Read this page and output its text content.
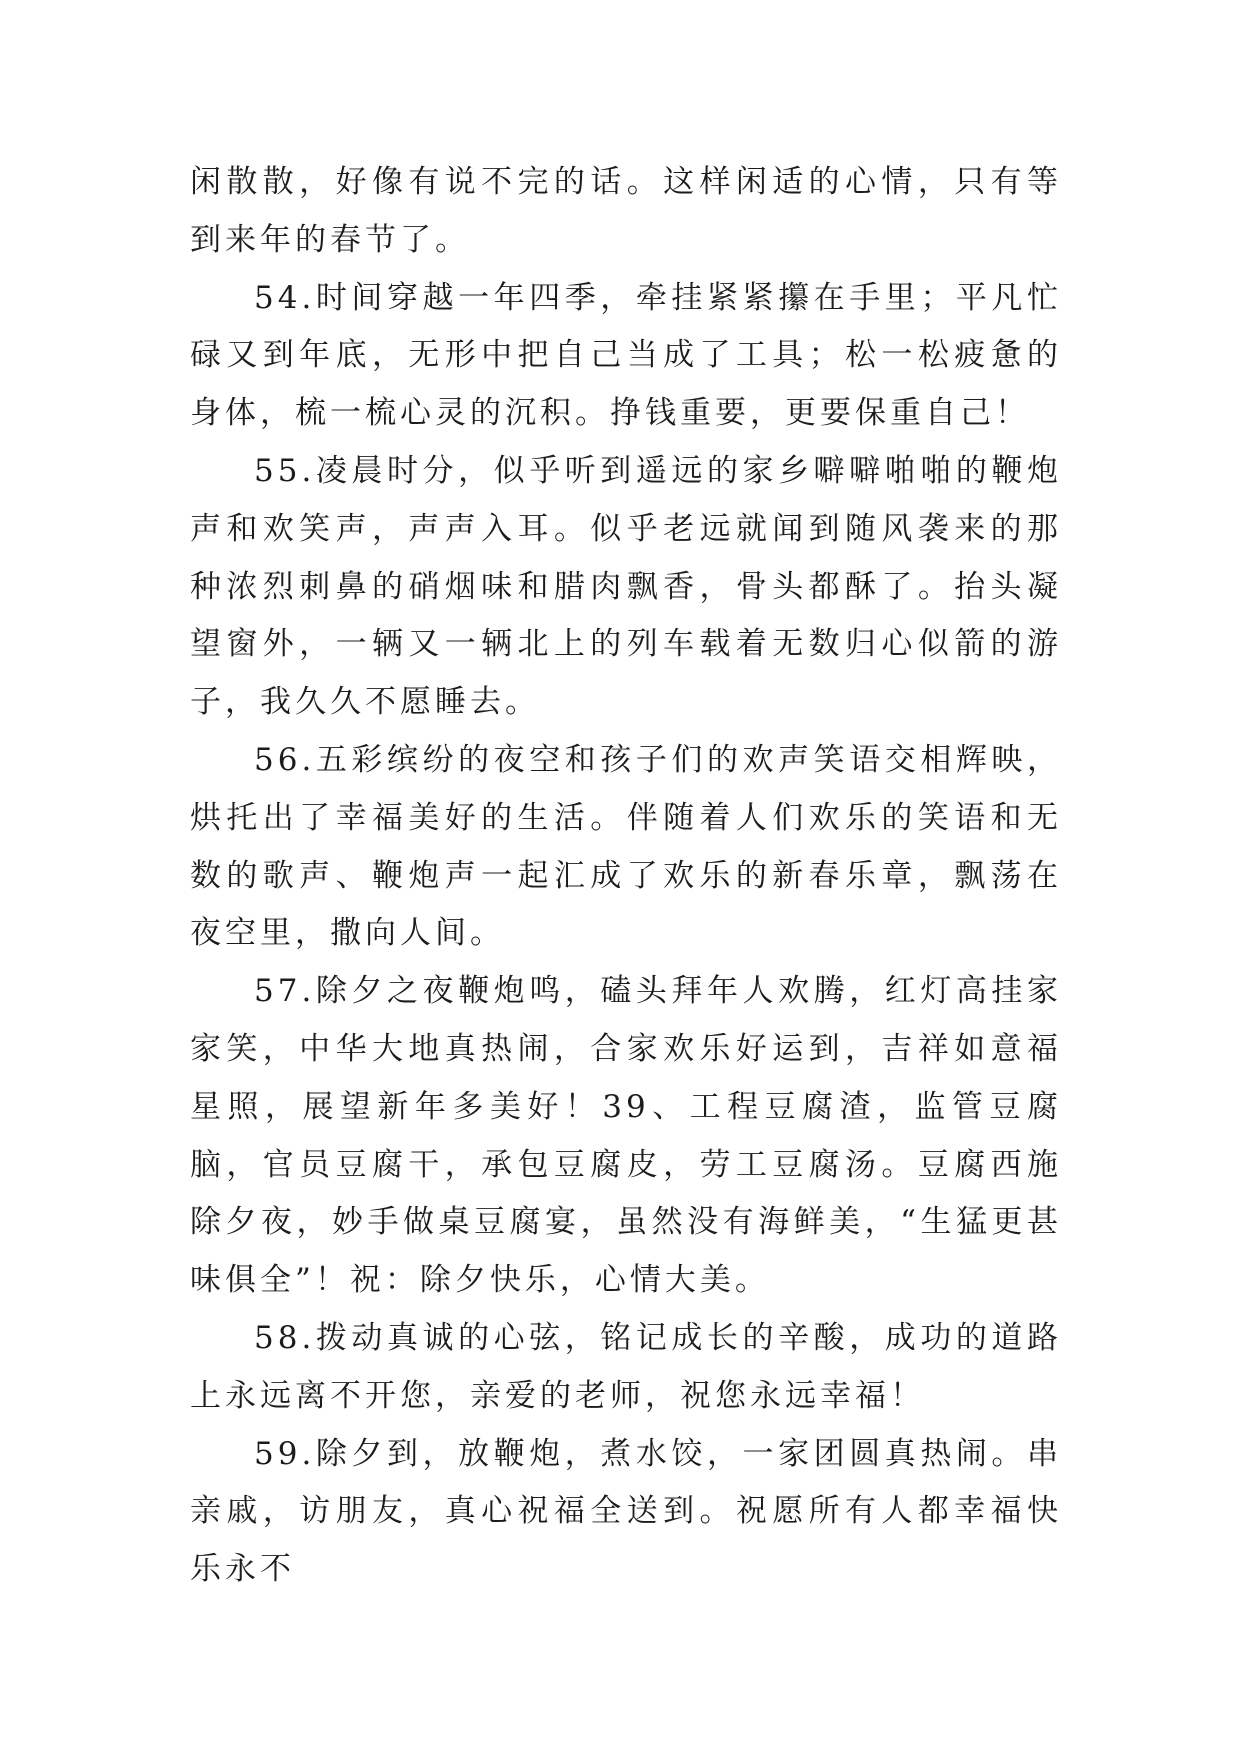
闲散散，好像有说不完的话。这样闲适的心情，只有等到来年的春节了。

54.时间穿越一年四季，牵挂紧紧攥在手里；平凡忙碌又到年底，无形中把自己当成了工具；松一松疲惫的身体，梳一梳心灵的沉积。挣钱重要，更要保重自己！

55.凌晨时分，似乎听到遥远的家乡噼噼啪啪的鞭炮声和欢笑声，声声入耳。似乎老远就闻到随风袭来的那种浓烈刺鼻的硝烟味和腊肉飘香，骨头都酥了。抬头凝望窗外，一辆又一辆北上的列车载着无数归心似箭的游子，我久久不愿睡去。

56.五彩缤纷的夜空和孩子们的欢声笑语交相辉映，烘托出了幸福美好的生活。伴随着人们欢乐的笑语和无数的歌声、鞭炮声一起汇成了欢乐的新春乐章，飘荡在夜空里，撒向人间。

57.除夕之夜鞭炮鸣，磕头拜年人欢腾，红灯高挂家家笑，中华大地真热闹，合家欢乐好运到，吉祥如意福星照，展望新年多美好！39、工程豆腐渣，监管豆腐脑，官员豆腐干，承包豆腐皮，劳工豆腐汤。豆腐西施除夕夜，妙手做桌豆腐宴，虽然没有海鲜美，“生猛更甚味俱全”！祝：除夕快乐，心情大美。

58.拨动真诚的心弦，铭记成长的辛酸，成功的道路上永远离不开您，亲爱的老师，祝您永远幸福！

59.除夕到，放鞭炮，煮水饺，一家团圆真热闹。串亲戚，访朋友，真心祝福全送到。祝愿所有人都幸福快乐永不
